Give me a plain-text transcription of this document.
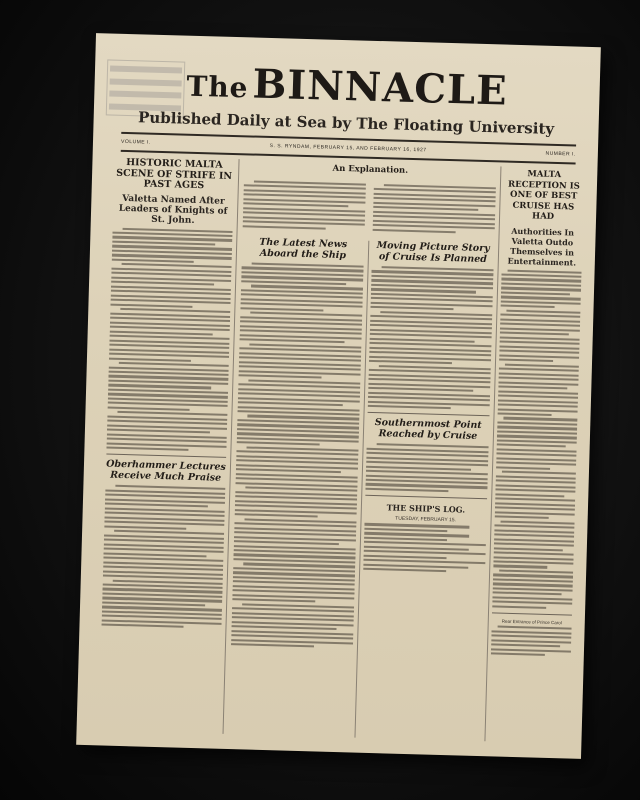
TheBINNACLE
Published Daily at Sea by The Floating University
VOLUME I.
S. S. RYNDAM, FEBRUARY 15, AND FEBRUARY 16, 1927
NUMBER I.
HISTORIC MALTA SCENE OF STRIFE IN PAST AGES
Valetta Named After Leaders of Knights of St. John.
Oberhammer Lectures Receive Much Praise
An Explanation.
The Latest News Aboard the Ship	Moving Picture Story of Cruise Is Planned
Southernmost Point Reached by Cruise
THE SHIP'S LOG.
TUESDAY, FEBRUARY 15.
MALTA RECEPTION IS ONE OF BEST CRUISE HAS HAD
Authorities In Valetta Outdo Themselves in Entertainment.
Rear Entrance of Prince Carol
